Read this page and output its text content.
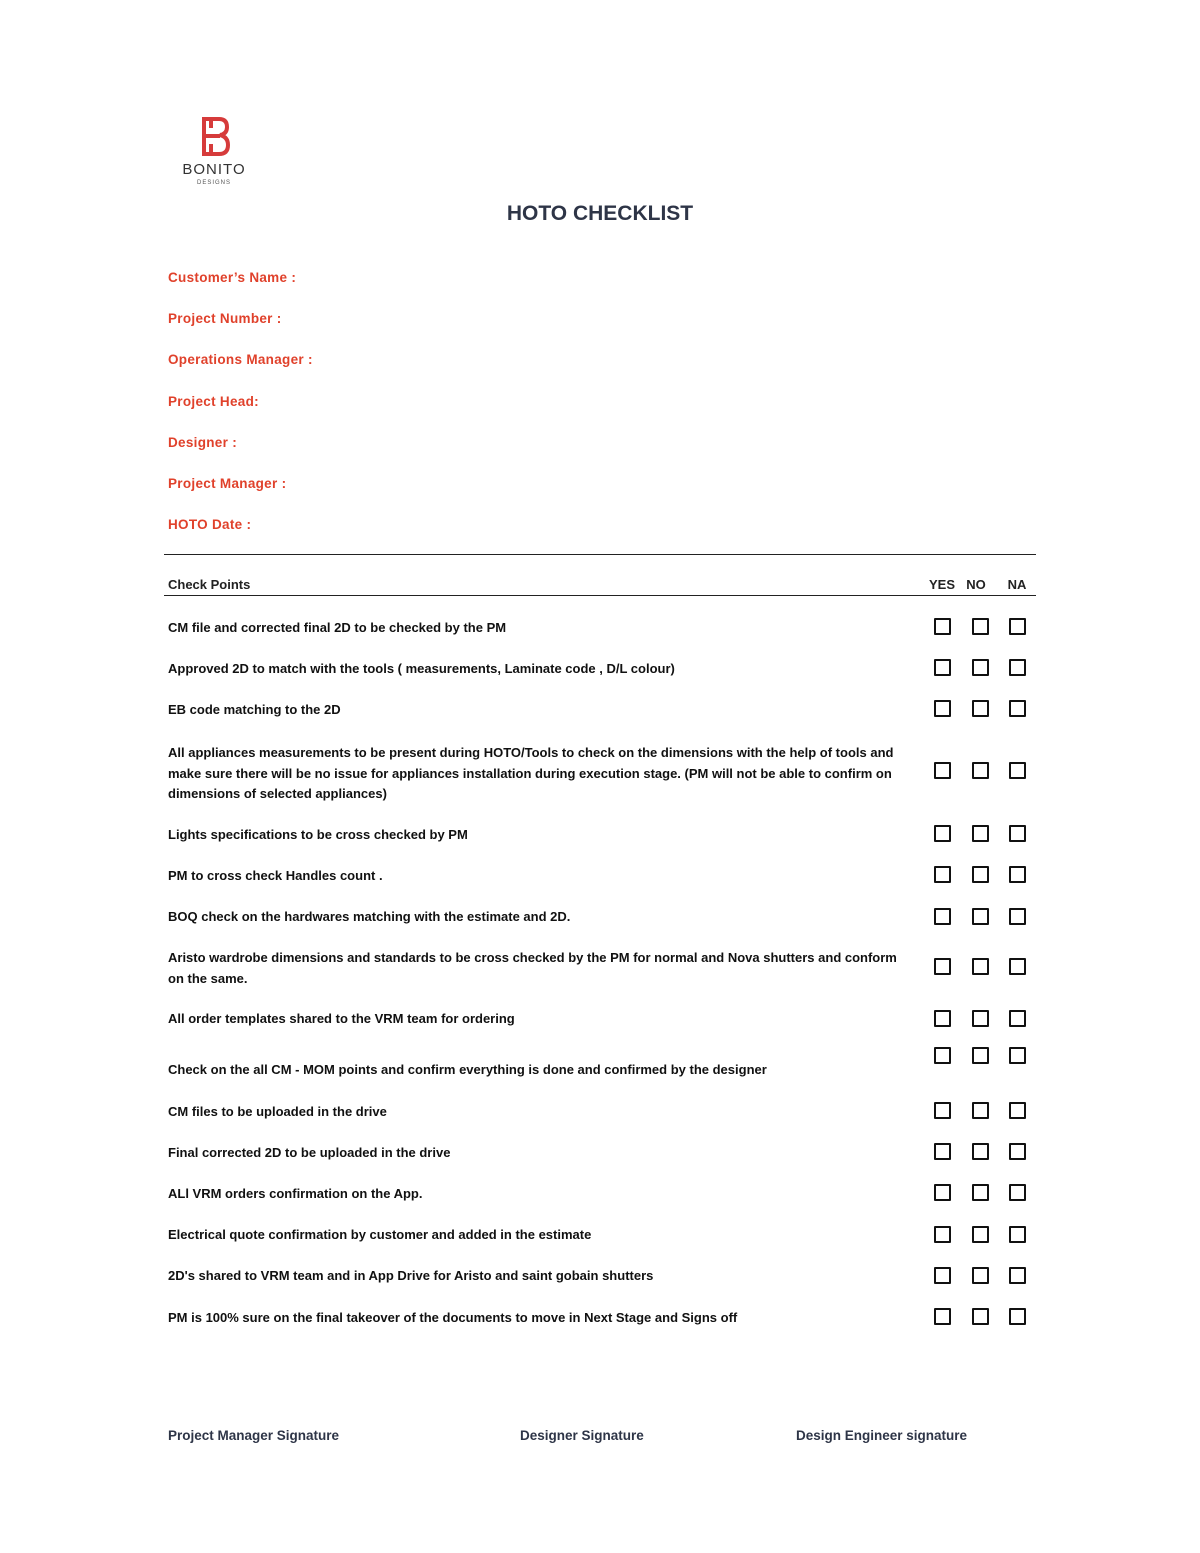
BONITO
DESIGNS
HOTO CHECKLIST
Customer’s Name :
Project Number :
Operations Manager :
Project Head:
Designer :
Project Manager :
HOTO Date :
Check Points	YES NO	NA
CM file and corrected final 2D to be checked by the PM
Approved 2D to match with the tools ( measurements, Laminate code , D/L colour)
EB code matching to the 2D
All appliances measurements to be present during HOTO/Tools to check on the dimensions with the help of tools and make sure there will be no issue for appliances installation during execution stage. (PM will not be able to confirm on dimensions of selected appliances)
Lights specifications to be cross checked by PM
PM to cross check Handles count .
BOQ check on the hardwares matching with the estimate and 2D.
Aristo wardrobe dimensions and standards to be cross checked by the PM for normal and Nova shutters and conform on the same.
All order templates shared to the VRM team for ordering
Check on the all CM - MOM points and confirm everything is done and confirmed by the designer
CM files to be uploaded in the drive
Final corrected 2D to be uploaded in the drive
ALl VRM orders confirmation on the App.
Electrical quote confirmation by customer and added in the estimate
2D's shared to VRM team and in App Drive for Aristo and saint gobain shutters
PM is 100% sure on the final takeover of the documents to move in Next Stage and Signs off
Project Manager Signature	Designer Signature	Design Engineer signature
